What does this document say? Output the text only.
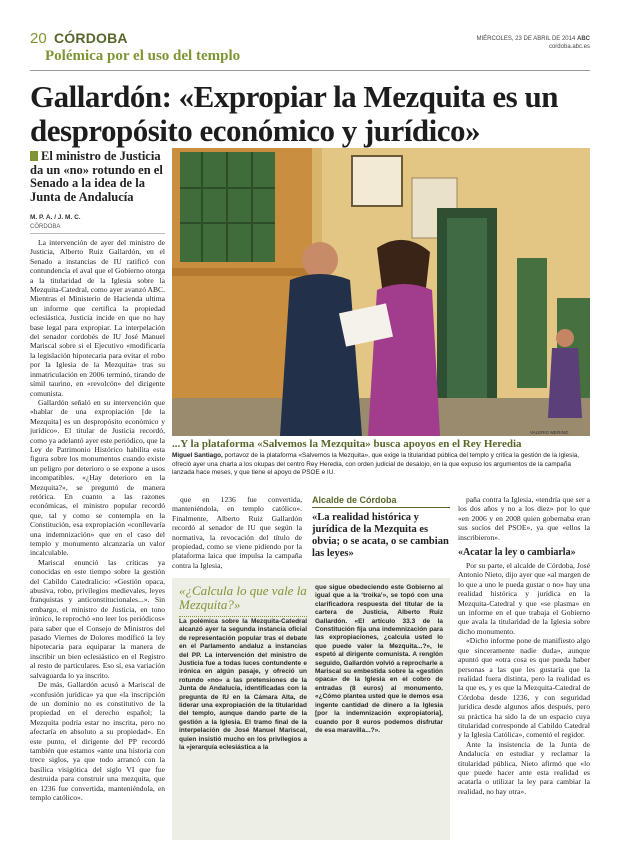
20 CÓRDOBA
Polémica por el uso del templo
MIÉRCOLES, 23 DE ABRIL DE 2014 ABC
cordoba.abc.es
Gallardón: «Expropiar la Mezquita es un despropósito económico y jurídico»
El ministro de Justicia da un «no» rotundo en el Senado a la idea de la Junta de Andalucía
M. P. A. / J. M. C.
CÓRDOBA

La intervención de ayer del ministro de Justicia, Alberto Ruiz Gallardón, en el Senado a instancias de IU ratificó con contundencia el aval que el Gobierno otorga a la titularidad de la Iglesia sobre la Mezquita-Catedral, como ayer avanzó ABC. Mientras el Ministerio de Hacienda ultima un informe que certifica la propiedad eclesiástica, Justicia incide en que no hay base legal para expropiar. La interpelación del senador cordobés de IU José Manuel Mariscal sobre si el Ejecutivo «modificaría la legislación hipotecaria para evitar el robo por la Iglesia de la Mezquita» tras su inmatriculación en 2006 terminó, tirando de símil taurino, en «revolcón» del dirigente comunista.

Gallardón señaló en su intervención que «hablar de una expropiación [de la Mezquita] es un despropósito económico y jurídico». El titular de Justicia recordó, como ya adelantó ayer este periódico, que la Ley de Patrimonio Histórico habilita esta figura sobre los monumentos cuando existe un peligro por deterioro o se expone a usos incompatibles. «¿Hay deterioro en la Mezquita?», se preguntó de manera retórica. En cuanto a las razones económicas, el ministro popular recordó que, tal y como se contempla en la Constitución, esa expropiación «conllevaría una indemnización» que en el caso del templo y monumento alcanzaría un valor incalculable.

Mariscal enunció las críticas ya conocidas en este tiempo sobre la gestión del Cabildo Catedralicio: «Gestión opaca, abusiva, robo, privilegios medievales, leyes franquistas y anticonstitucionales...». Sin embargo, el ministro de Justicia, en tono irónico, le reprochó «no leer los periódicos» para saber que el Consejo de Ministros del pasado Viernes de Dolores modificó la ley hipotecaria para equiparar la manera de inscribir un bien eclesiástico en el Registro al resto de particulares. Eso sí, esa variación salvaguarda lo ya inscrito.

De más, Gallardón acusó a Mariscal de «confusión jurídica» ya que «la inscripción de un dominio no es constitutivo de la propiedad en el derecho español; la Mezquita podría estar no inscrita, pero no afectaría en absoluto a su propiedad». En este punto, el dirigente del PP recordó también que estamos «ante una historia con trece siglos, ya que todo arrancó con la basílica visigótica del siglo VI que fue destruida para construir una mezquita, que en 1236 fue convertida, manteniéndola, en templo católico».

VALERIO MERINO
...Y la plataforma «Salvemos la Mezquita» busca apoyos en el Rey Heredia
Miguel Santiago, portavoz de la plataforma «Salvemos la Mezquita», que exige la titularidad pública del templo y critica la gestión de la Iglesia, ofreció ayer una charla a los okupas del centro Rey Heredia, con orden judicial de desalojo, en la que expuso los argumentos de la campaña lanzada hace meses, y que tiene el apoyo de PSOE e IU.

que en 1236 fue convertida, manteniéndola, en templo católico». Finalmente, Alberto Ruiz Gallardón recordó al senador de IU que según la normativa, la revocación del título de propiedad, como se viene pidiendo por la plataforma laica que impulsa la campaña contra la Iglesia,

Alcalde de Córdoba
«La realidad histórica y jurídica de la Mezquita es obvia; o se acata, o se cambian las leyes»

paña contra la Iglesia, «tendría que ser a los dos años y no a los diez» por lo que «en 2006 y en 2008 quien gobernaba eran sus socios del PSOE», ya que «ellos la inscribieron».

«Acatar la ley o cambiarla»

Por su parte, el alcalde de Córdoba, José Antonio Nieto, dijo ayer que «al margen de lo que a uno le pueda gustar o no» hay una realidad histórica y jurídica en la Mezquita-Catedral y que «se plasma» en un informe en el que trabaja el Gobierno que avala la titularidad de la Iglesia sobre dicho monumento.

«Dicho informe pone de manifiesto algo que sinceramente nadie duda», aunque apuntó que «otra cosa es que pueda haber personas a las que les gustaría que la realidad fuera distinta, pero la realidad es la que es, y es que la Mezquita-Catedral de Córdoba desde 1236, y con seguridad jurídica desde algunos años después, pero su práctica ha sido la de un espacio cuya titularidad corresponde al Cabildo Catedral y la Iglesia Católica», comentó el regidor.

Ante la insistencia de la Junta de Andalucía en estudiar y reclamar la titularidad pública, Nieto afirmó que «lo que puede hacer ante esta realidad es acatarla o utilizar la ley para cambiar la realidad, no hay otra».

«¿Calcula lo que vale la Mezquita?»
La polémica sobre la Mezquita-Catedral alcanzó ayer la segunda instancia oficial de representación popular tras el debate en el Parlamento andaluz a instancias del PP. La intervención del ministro de Justicia fue a todas luces contundente e irónica en algún pasaje, y ofreció un rotundo «no» a las pretensiones de la Junta de Andalucía, identificadas con la pregunta de IU en la Cámara Alta, de liderar una expropiación de la titularidad del templo, aunque dando parte de la gestión a la Iglesia. El tramo final de la interpelación de José Manuel Mariscal, quien insistió mucho en los privilegios a la «jerarquía eclesiástica a la
que sigue obedeciendo este Gobierno al igual que a la ‘troika’», se topó con una clarificadora respuesta del titular de la cartera de Justicia, Alberto Ruiz Gallardón. «El artículo 33.3 de la Constitución fija una indemnización para las expropiaciones, ¿calcula usted lo que puede valer la Mezquita...?», le espetó al dirigente comunista. A renglón seguido, Gallardón volvió a reprocharle a Mariscal su embestida sobre la «gestión opaca» de la Iglesia en el cobro de entradas (8 euros) al monumento. «¿Cómo plantea usted que le demos esa ingente cantidad de dinero a la Iglesia [por la indemnización expropiatoria], cuando por 8 euros podemos disfrutar de esa maravilla...?».
